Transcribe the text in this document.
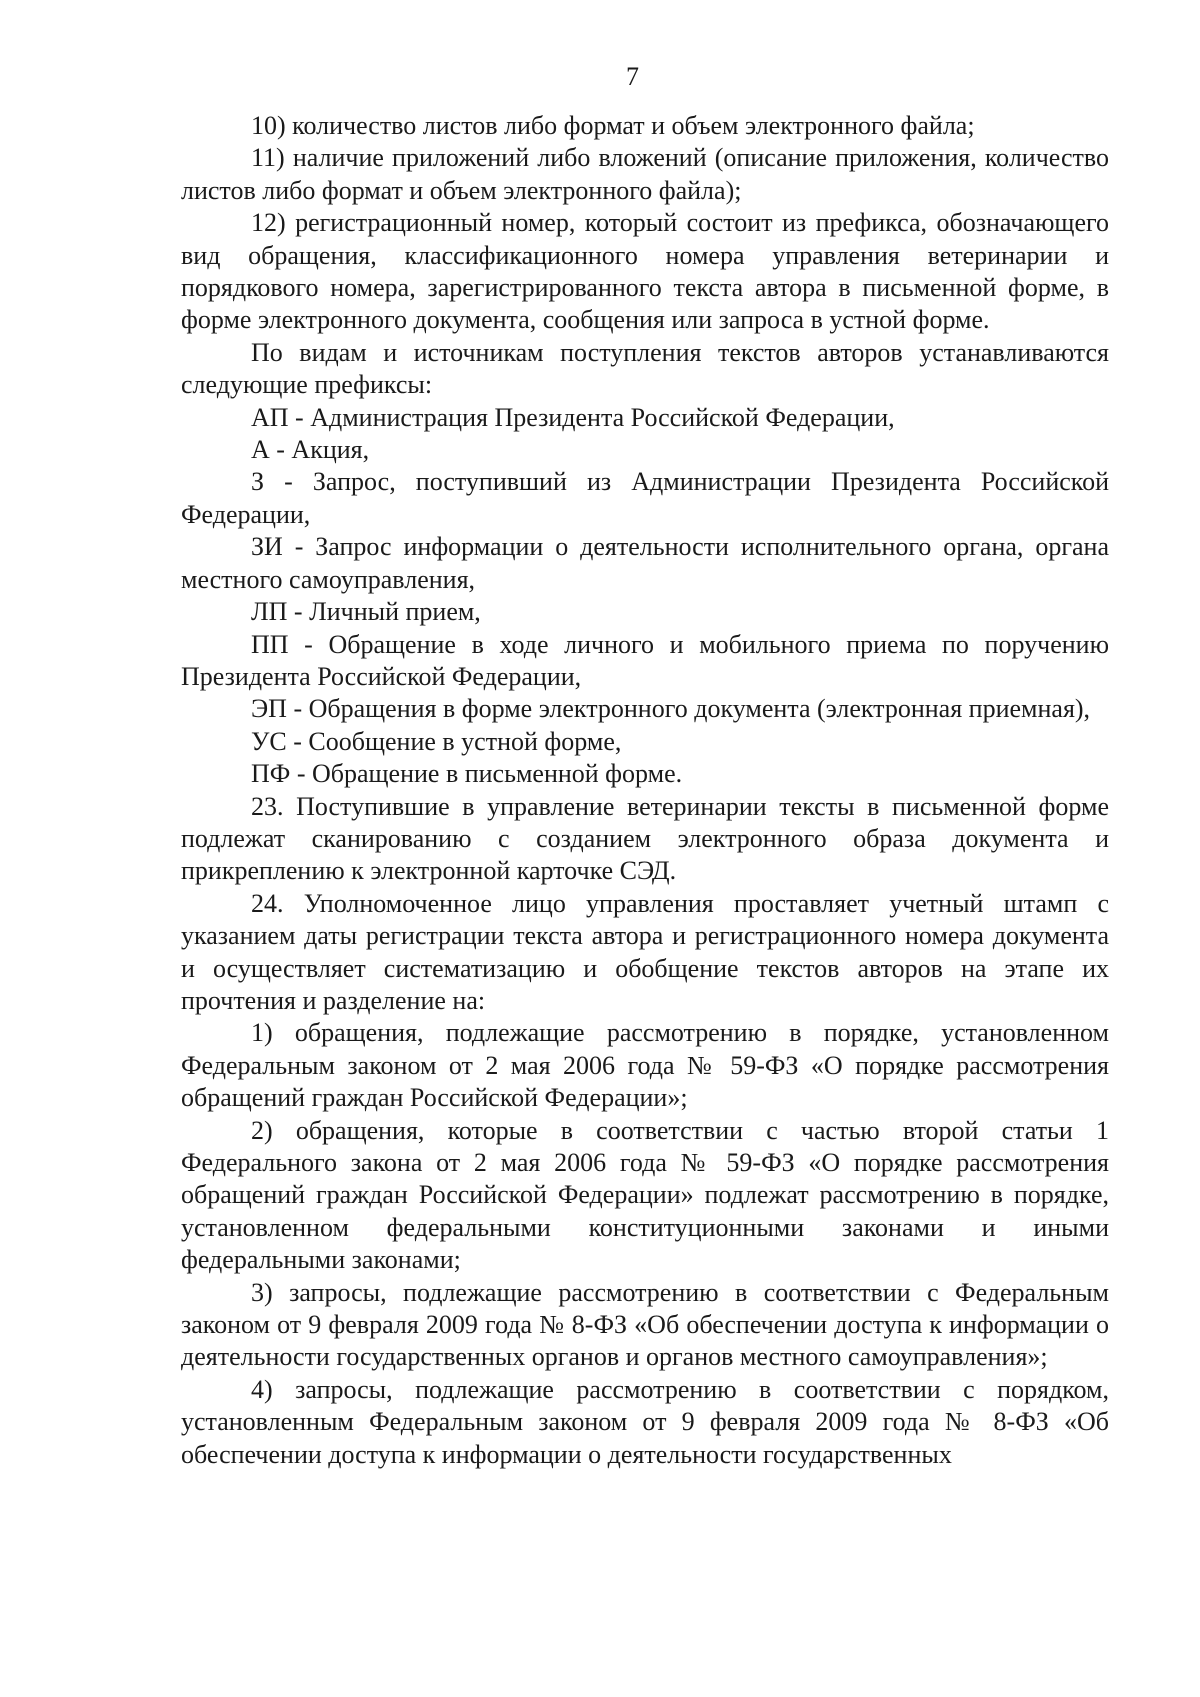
7

10) количество листов либо формат и объем электронного файла;

11) наличие приложений либо вложений (описание приложения, количество листов либо формат и объем электронного файла);

12) регистрационный номер, который состоит из префикса, обозначающего вид обращения, классификационного номера управления ветеринарии и порядкового номера, зарегистрированного текста автора в письменной форме, в форме электронного документа, сообщения или запроса в устной форме.

По видам и источникам поступления текстов авторов устанавливаются следующие префиксы:

АП - Администрация Президента Российской Федерации,

А - Акция,

З - Запрос, поступивший из Администрации Президента Российской Федерации,

ЗИ - Запрос информации о деятельности исполнительного органа, органа местного самоуправления,

ЛП - Личный прием,

ПП - Обращение в ходе личного и мобильного приема по поручению Президента Российской Федерации,

ЭП - Обращения в форме электронного документа (электронная приемная),

УС - Сообщение в устной форме,

ПФ - Обращение в письменной форме.

23. Поступившие в управление ветеринарии тексты в письменной форме подлежат сканированию с созданием электронного образа документа и прикреплению к электронной карточке СЭД.

24. Уполномоченное лицо управления проставляет учетный штамп с указанием даты регистрации текста автора и регистрационного номера документа и осуществляет систематизацию и обобщение текстов авторов на этапе их прочтения и разделение на:

1) обращения, подлежащие рассмотрению в порядке, установленном Федеральным законом от 2 мая 2006 года № 59-ФЗ «О порядке рассмотрения обращений граждан Российской Федерации»;

2) обращения, которые в соответствии с частью второй статьи 1 Федерального закона от 2 мая 2006 года № 59-ФЗ «О порядке рассмотрения обращений граждан Российской Федерации» подлежат рассмотрению в порядке, установленном федеральными конституционными законами и иными федеральными законами;

3) запросы, подлежащие рассмотрению в соответствии с Федеральным законом от 9 февраля 2009 года № 8-ФЗ «Об обеспечении доступа к информации о деятельности государственных органов и органов местного самоуправления»;

4) запросы, подлежащие рассмотрению в соответствии с порядком, установленным Федеральным законом от 9 февраля 2009 года № 8-ФЗ «Об обеспечении доступа к информации о деятельности государственных
